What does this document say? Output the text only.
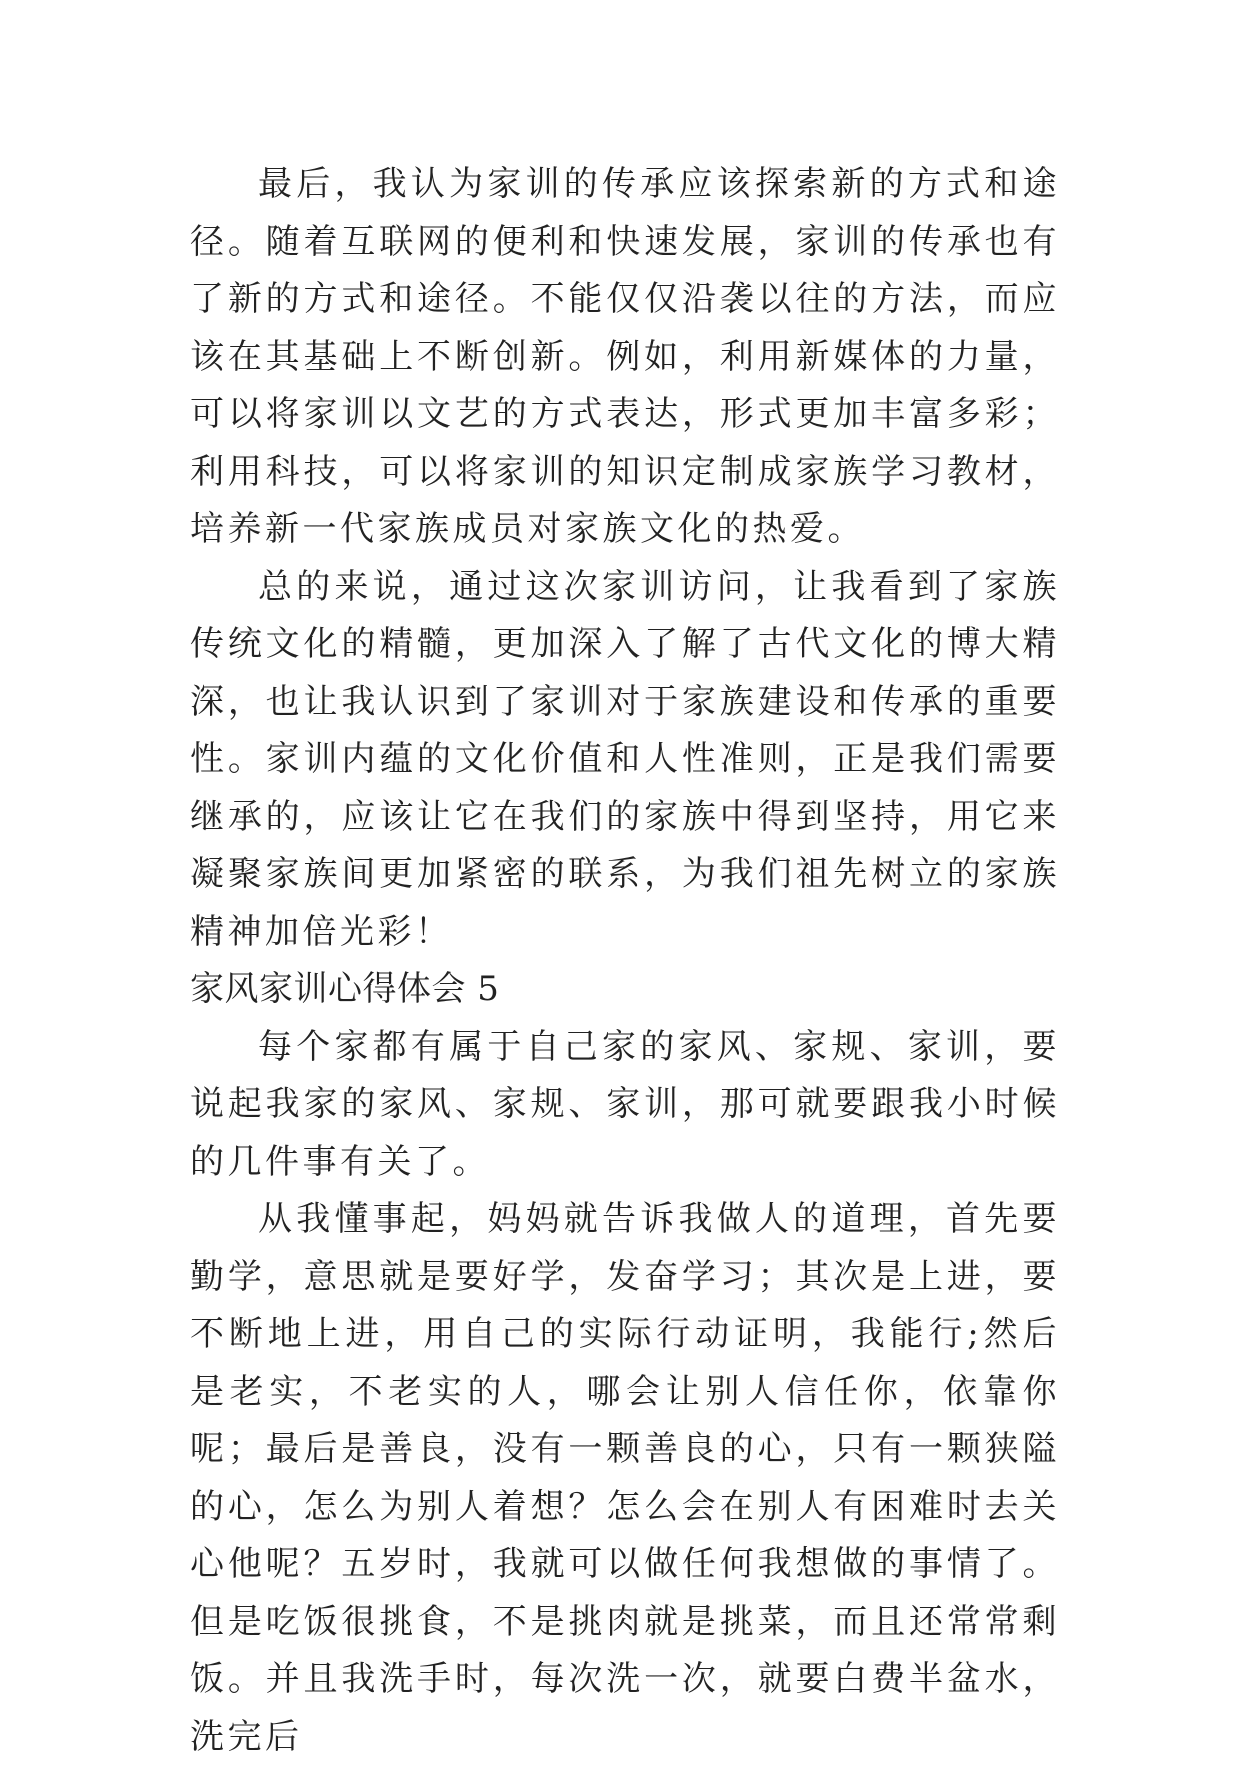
最后，我认为家训的传承应该探索新的方式和途径。随着互联网的便利和快速发展，家训的传承也有了新的方式和途径。不能仅仅沿袭以往的方法，而应该在其基础上不断创新。例如，利用新媒体的力量，可以将家训以文艺的方式表达，形式更加丰富多彩；利用科技，可以将家训的知识定制成家族学习教材，培养新一代家族成员对家族文化的热爱。

总的来说，通过这次家训访问，让我看到了家族传统文化的精髓，更加深入了解了古代文化的博大精深，也让我认识到了家训对于家族建设和传承的重要性。家训内蕴的文化价值和人性准则，正是我们需要继承的，应该让它在我们的家族中得到坚持，用它来凝聚家族间更加紧密的联系，为我们祖先树立的家族精神加倍光彩！

家风家训心得体会 5

每个家都有属于自己家的家风、家规、家训，要说起我家的家风、家规、家训，那可就要跟我小时候的几件事有关了。

从我懂事起，妈妈就告诉我做人的道理，首先要勤学，意思就是要好学，发奋学习；其次是上进，要不断地上进，用自己的实际行动证明，我能行;然后是老实，不老实的人，哪会让别人信任你，依靠你呢；最后是善良，没有一颗善良的心，只有一颗狭隘的心，怎么为别人着想？怎么会在别人有困难时去关心他呢？五岁时，我就可以做任何我想做的事情了。但是吃饭很挑食，不是挑肉就是挑菜，而且还常常剩饭。并且我洗手时，每次洗一次，就要白费半盆水，洗完后
